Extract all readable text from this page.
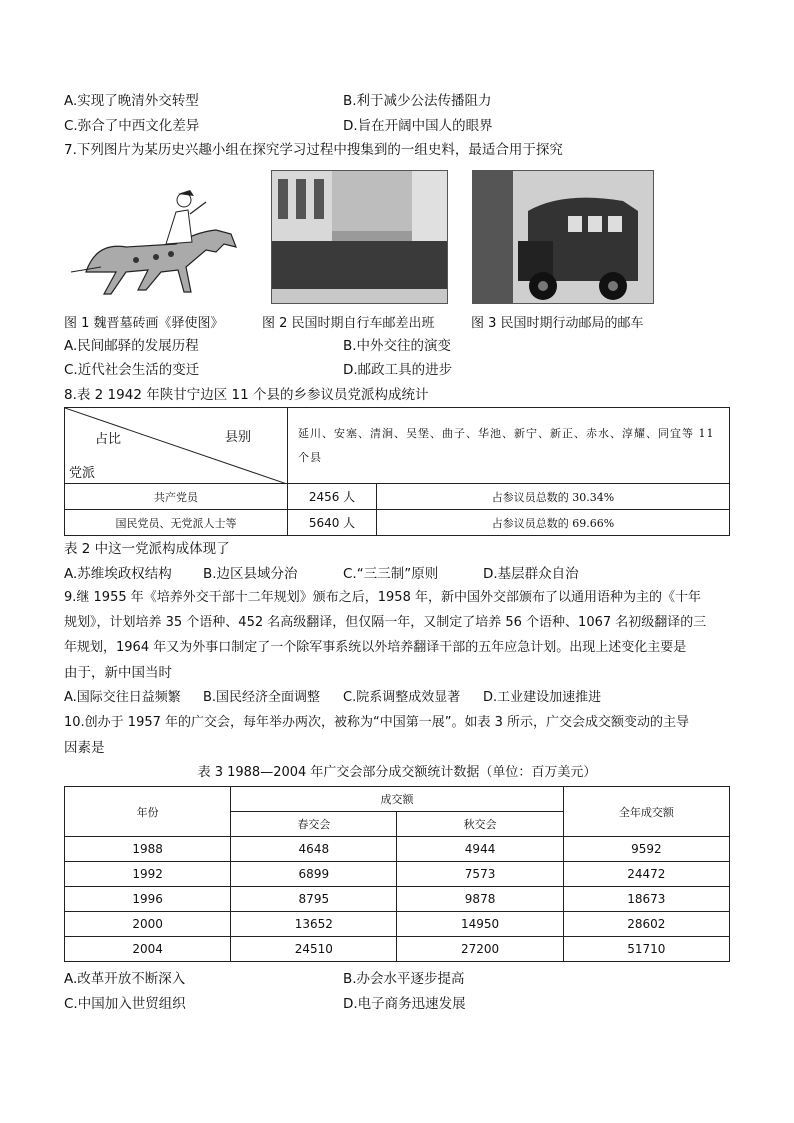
A.实现了晚清外交转型	B.利于减少公法传播阻力
C.弥合了中西文化差异	D.旨在开阔中国人的眼界
7.下列图片为某历史兴趣小组在探究学习过程中搜集到的一组史料，最适合用于探究
图 1 魏晋墓砖画《驿使图》	图 2 民国时期自行车邮差出班	图 3 民国时期行动邮局的邮车
A.民间邮驿的发展历程	B.中外交往的演变
C.近代社会生活的变迁	D.邮政工具的进步
8.表 2 1942 年陕甘宁边区 11 个县的乡参议员党派构成统计
占比 县别
党派	延川、安塞、清涧、吴堡、曲子、华池、新宁、新正、赤水、淳耀、同宜等 11 个县	
共产党员	2456 人	占参议员总数的 30.34%
国民党员、无党派人士等	5640 人	占参议员总数的 69.66%
表 2 中这一党派构成体现了
A.苏维埃政权结构 B.边区县域分治	C.“三三制”原则	D.基层群众自治
9.继 1955 年《培养外交干部十二年规划》颁布之后，1958 年，新中国外交部颁布了以通用语种为主的《十年
规划》，计划培养 35 个语种、452 名高级翻译，但仅隔一年，又制定了培养 56 个语种、1067 名初级翻译的三
年规划，1964 年又为外事口制定了一个除军事系统以外培养翻译干部的五年应急计划。出现上述变化主要是
由于，新中国当时
A.国际交往日益频繁 B.国民经济全面调整 C.院系调整成效显著 D.工业建设加速推进
10.创办于 1957 年的广交会，每年举办两次，被称为“中国第一展”。如表 3 所示，广交会成交额变动的主导
因素是
表 3 1988—2004 年广交会部分成交额统计数据（单位：百万美元）
年份	成交额		全年成交额
	春交会	秋交会	
1988	4648	4944	9592
1992	6899	7573	24472
1996	8795	9878	18673
2000	13652	14950	28602
2004	24510	27200	51710
A.改革开放不断深入	B.办会水平逐步提高
C.中国加入世贸组织	D.电子商务迅速发展
